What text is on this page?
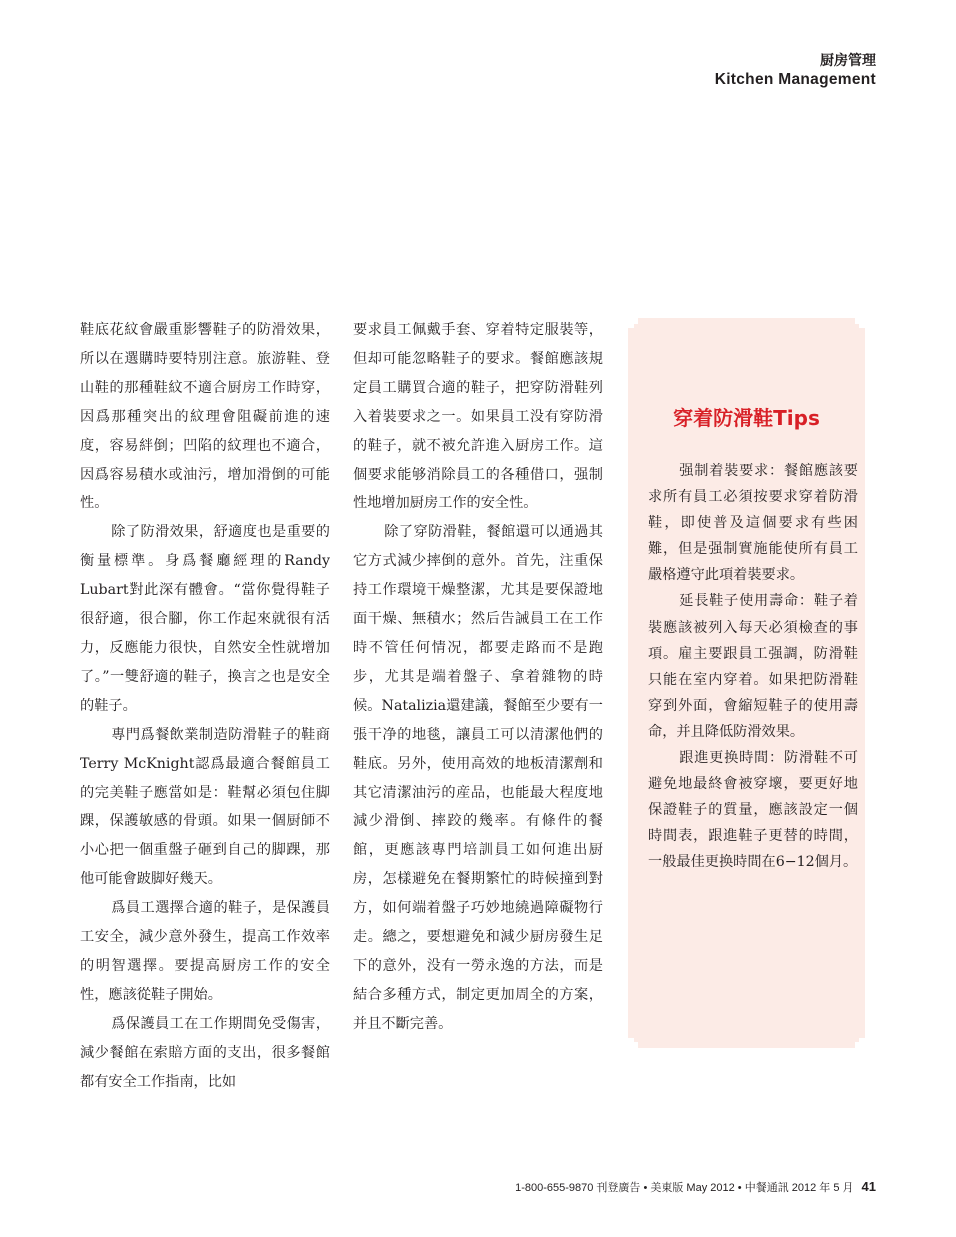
厨房管理
Kitchen Management

鞋底花紋會嚴重影響鞋子的防滑效果，所以在選購時要特別注意。旅游鞋、登山鞋的那種鞋紋不適合厨房工作時穿，因爲那種突出的紋理會阻礙前進的速度，容易絆倒；凹陷的紋理也不適合，因爲容易積水或油污，增加滑倒的可能性。

除了防滑效果，舒適度也是重要的衡量標準。身爲餐廳經理的Randy Lubart對此深有體會。“當你覺得鞋子很舒適，很合腳，你工作起來就很有活力，反應能力很快，自然安全性就增加了。”一雙舒適的鞋子，換言之也是安全的鞋子。

專門爲餐飲業制造防滑鞋子的鞋商Terry McKnight認爲最適合餐館員工的完美鞋子應當如是：鞋幫必須包住脚踝，保護敏感的骨頭。如果一個厨師不小心把一個重盤子砸到自己的脚踝，那他可能會跛脚好幾天。

爲員工選擇合適的鞋子，是保護員工安全，減少意外發生，提高工作效率的明智選擇。要提高厨房工作的安全性，應該從鞋子開始。

爲保護員工在工作期間免受傷害，減少餐館在索賠方面的支出，很多餐館都有安全工作指南，比如

要求員工佩戴手套、穿着特定服裝等，但却可能忽略鞋子的要求。餐館應該規定員工購買合適的鞋子，把穿防滑鞋列入着裝要求之一。如果員工没有穿防滑的鞋子，就不被允許進入厨房工作。這個要求能够消除員工的各種借口，强制性地增加厨房工作的安全性。

除了穿防滑鞋，餐館還可以通過其它方式減少摔倒的意外。首先，注重保持工作環境干燥整潔，尤其是要保證地面干燥、無積水；然后告誡員工在工作時不管任何情况，都要走路而不是跑步，尤其是端着盤子、拿着雜物的時候。Natalizia還建議，餐館至少要有一張干净的地毯，讓員工可以清潔他們的鞋底。另外，使用高效的地板清潔劑和其它清潔油污的産品，也能最大程度地減少滑倒、摔跤的幾率。有條件的餐館，更應該專門培訓員工如何進出厨房，怎樣避免在餐期繁忙的時候撞到對方，如何端着盤子巧妙地繞過障礙物行走。總之，要想避免和減少厨房發生足下的意外，没有一勞永逸的方法，而是結合多種方式，制定更加周全的方案，并且不斷完善。

穿着防滑鞋Tips

强制着裝要求：餐館應該要求所有員工必須按要求穿着防滑鞋，即使普及這個要求有些困難，但是强制實施能使所有員工嚴格遵守此項着裝要求。

延長鞋子使用壽命：鞋子着裝應該被列入每天必須檢查的事項。雇主要跟員工强調，防滑鞋只能在室内穿着。如果把防滑鞋穿到外面，會縮短鞋子的使用壽命，并且降低防滑效果。

跟進更换時間：防滑鞋不可避免地最終會被穿壞，要更好地保證鞋子的質量，應該設定一個時間表，跟進鞋子更替的時間，一般最佳更换時間在6−12個月。

1-800-655-9870 刊登廣告 • 美東版 May 2012 • 中餐通訊 2012 年 5 月 41
